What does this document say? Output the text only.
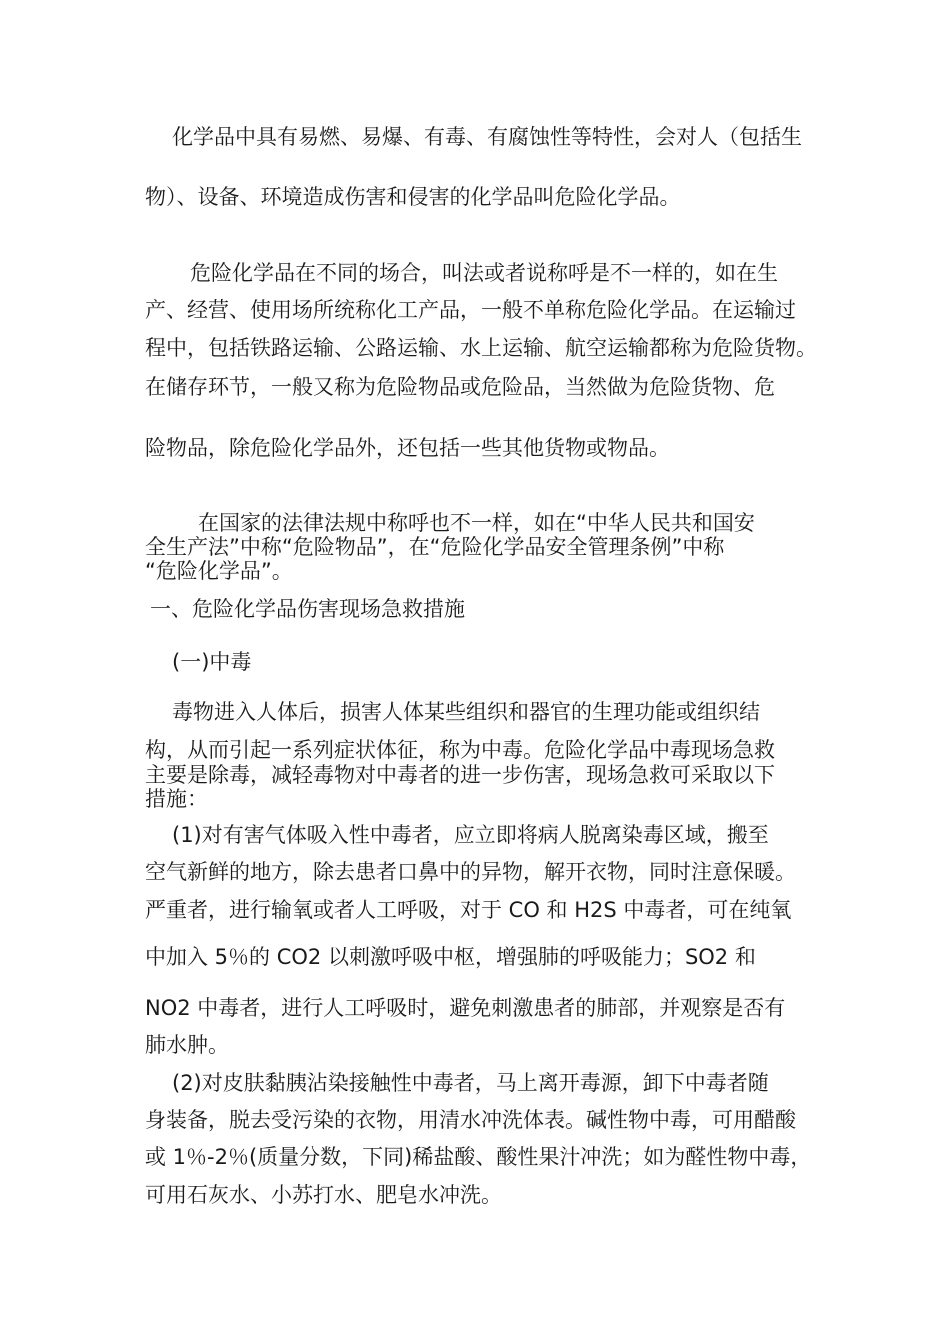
化学品中具有易燃、易爆、有毒、有腐蚀性等特性，会对人（包括生
物）、设备、环境造成伤害和侵害的化学品叫危险化学品。
危险化学品在不同的场合，叫法或者说称呼是不一样的，如在生
产、经营、使用场所统称化工产品，一般不单称危险化学品。在运输过
程中，包括铁路运输、公路运输、水上运输、航空运输都称为危险货物。
在储存环节，一般又称为危险物品或危险品，当然做为危险货物、危
险物品，除危险化学品外，还包括一些其他货物或物品。
在国家的法律法规中称呼也不一样，如在“中华人民共和国安
全生产法”中称“危险物品”，在“危险化学品安全管理条例”中称
“危险化学品”。
一、危险化学品伤害现场急救措施
(一)中毒
毒物进入人体后，损害人体某些组织和器官的生理功能或组织结
构，从而引起一系列症状体征，称为中毒。危险化学品中毒现场急救
主要是除毒，减轻毒物对中毒者的进一步伤害，现场急救可采取以下
措施：
(1)对有害气体吸入性中毒者，应立即将病人脱离染毒区域，搬至
空气新鲜的地方，除去患者口鼻中的异物，解开衣物，同时注意保暖。
严重者，进行输氧或者人工呼吸，对于 CO 和 H2S 中毒者，可在纯氧
中加入 5％的 CO2 以刺激呼吸中枢，增强肺的呼吸能力；SO2 和
NO2 中毒者，进行人工呼吸时，避免刺激患者的肺部，并观察是否有
肺水肿。
(2)对皮肤黏胰沾染接触性中毒者，马上离开毒源，卸下中毒者随
身装备，脱去受污染的衣物，用清水冲洗体表。碱性物中毒，可用醋酸
或 1％-2％(质量分数，下同)稀盐酸、酸性果汁冲洗；如为醛性物中毒，
可用石灰水、小苏打水、肥皂水冲洗。
